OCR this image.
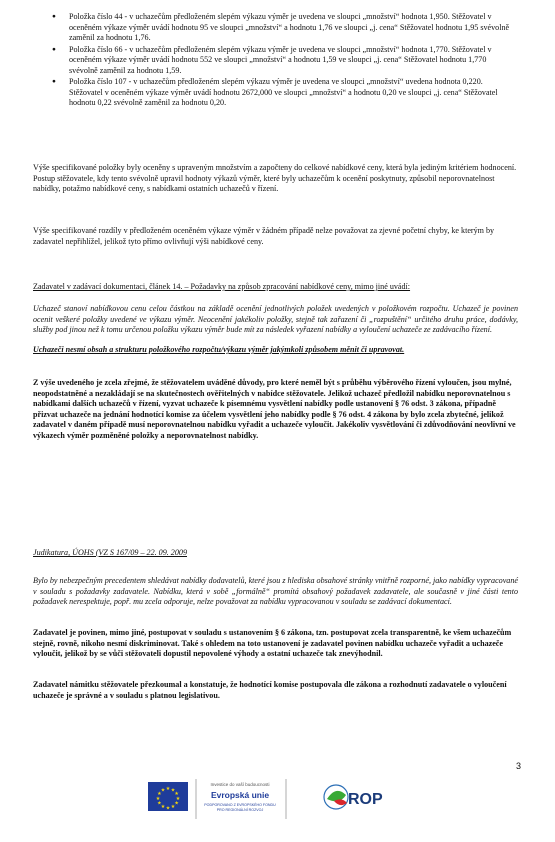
● Položka číslo 44 - v uchazečům předloženém slepém výkazu výměr je uvedena ve sloupci „množství“ hodnota 1,950. Stěžovatel v oceněném výkaze výměr uvádí hodnotu 95 ve sloupci „množství“ a hodnotu 1,76 ve sloupci „j. cena“ Stěžovatel hodnotu 1,95 svévolně zaměnil za hodnotu 1,76.
● Položka číslo 66 - v uchazečům předloženém slepém výkazu výměr je uvedena ve sloupci „množství“ hodnota 1,770. Stěžovatel v oceněném výkaze výměr uvádí hodnotu 552 ve sloupci „množství“ a hodnotu 1,59 ve sloupci „j. cena“ Stěžovatel hodnotu 1,770 svévolně zaměnil za hodnotu 1,59.
● Položka číslo 107 - v uchazečům předloženém slepém výkazu výměr je uvedena ve sloupci „množství“ uvedena hodnota 0,220. Stěžovatel v oceněném výkaze výměr uvádí hodnotu 2672,000 ve sloupci „množství“ a hodnotu 0,20 ve sloupci „j. cena“ Stěžovatel hodnotu 0,22 svévolně zaměnil za hodnotu 0,20.

Výše specifikované položky byly oceněny s upraveným množstvím a započteny do celkové nabídkové ceny, která byla jediným kritériem hodnocení. Postup stěžovatele, kdy tento svévolně upravil hodnoty výkazů výměr, které byly uchazečům k ocenění poskytnuty, způsobil neporovnatelnost nabídky, potažmo nabídkové ceny, s nabídkami ostatních uchazečů v řízení.

Výše specifikované rozdíly v předloženém oceněném výkaze výměr v žádném případě nelze považovat za zjevné početní chyby, ke kterým by zadavatel nepřihlížel, jelikož tyto přímo ovlivňují výši nabídkové ceny.

Zadavatel v zadávací dokumentaci, článek 14. – Požadavky na způsob zpracování nabídkové ceny, mimo jiné uvádí:

Uchazeč stanoví nabídkovou cenu celou částkou na základě ocenění jednotlivých položek uvedených v položkovém rozpočtu. Uchazeč je povinen ocenit veškeré položky uvedené ve výkazu výměr. Neocenění jakékoliv položky, stejně tak zařazení či „rozpuštění“ určitého druhu práce, dodávky, služby pod jinou než k tomu určenou položku výkazu výměr bude mít za následek vyřazení nabídky a vyloučení uchazeče ze zadávacího řízení.

Uchazeči nesmí obsah a strukturu položkového rozpočtu/výkazu výměr jakýmkoli způsobem měnit či upravovat.

Z výše uvedeného je zcela zřejmé, že stěžovatelem uváděné důvody, pro které neměl být s průběhu výběrového řízení vyloučen, jsou mylné, neopodstatněné a nezakládají se na skutečnostech ověřitelných v nabídce stěžovatele. Jelikož uchazeč předložil nabídku neporovnatelnou s nabídkami dalších uchazečů v řízení, vyzvat uchazeče k písemnému vysvětlení nabídky podle ustanovení § 76 odst. 3 zákona, případně přizvat uchazeče na jednání hodnotící komise za účelem vysvětlení jeho nabídky podle § 76 odst. 4 zákona by bylo zcela zbytečné, jelikož zadavatel v daném případě musí neporovnatelnou nabídku vyřadit a uchazeče vyloučit. Jakékoliv vysvětlování či zdůvodňování neovlivní ve výkazech výměr pozměněné položky a neporovnatelnost nabídky.

Judikatura, ÚOHS (VZ S 167/09 – 22. 09. 2009

Bylo by nebezpečným precedentem shledávat nabídky dodavatelů, které jsou z hlediska obsahové stránky vnitřně rozporné, jako nabídky vypracované v souladu s požadavky zadavatele. Nabídku, která v sobě „formálně“ promítá obsahový požadavek zadavatele, ale současně v jiné části tento požadavek nerespektuje, popř. mu zcela odporuje, nelze považovat za nabídku vypracovanou v souladu se zadávací dokumentací.

Zadavatel je povinen, mimo jiné, postupovat v souladu s ustanovením § 6 zákona, tzn. postupovat zcela transparentně, ke všem uchazečům stejně, rovně, nikoho nesmí diskriminovat. Také s ohledem na toto ustanovení je zadavatel povinen nabídku uchazeče vyřadit a uchazeče vyloučit, jelikož by se vůči stěžovateli dopustil nepovolené výhody a ostatní uchazeče tak znevýhodnil.

Zadavatel námitku stěžovatele přezkoumal a konstatuje, že hodnotící komise postupovala dle zákona a rozhodnutí zadavatele o vyloučení uchazeče je správné a v souladu s platnou legislativou.

3
★ ★
★
★
★
★
★
★
★
★
★
★
Investice do vaší budoucnosti
Evropská unie
PODPOROVANO Z EVROPSKÉHO FONDU
PRO REGIONÁLNÍ ROZVOJ
ROP
